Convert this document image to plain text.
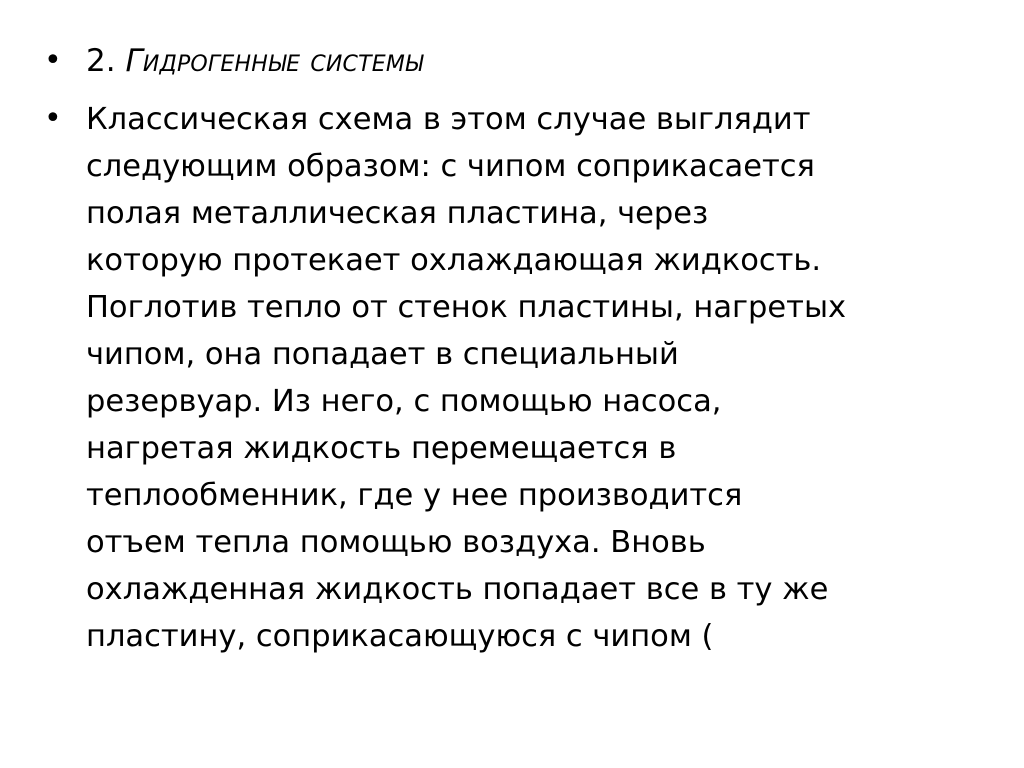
• 2. Гидрогенные системы
• Классическая схема в этом случае выглядит
следующим образом: с чипом соприкасается
полая металлическая пластина, через
которую протекает охлаждающая жидкость.
Поглотив тепло от стенок пластины, нагретых
чипом, она попадает в специальный
резервуар. Из него, с помощью насоса,
нагретая жидкость перемещается в
теплообменник, где у нее производится
отъем тепла помощью воздуха. Вновь
охлажденная жидкость попадает все в ту же
пластину, соприкасающуюся с чипом (
